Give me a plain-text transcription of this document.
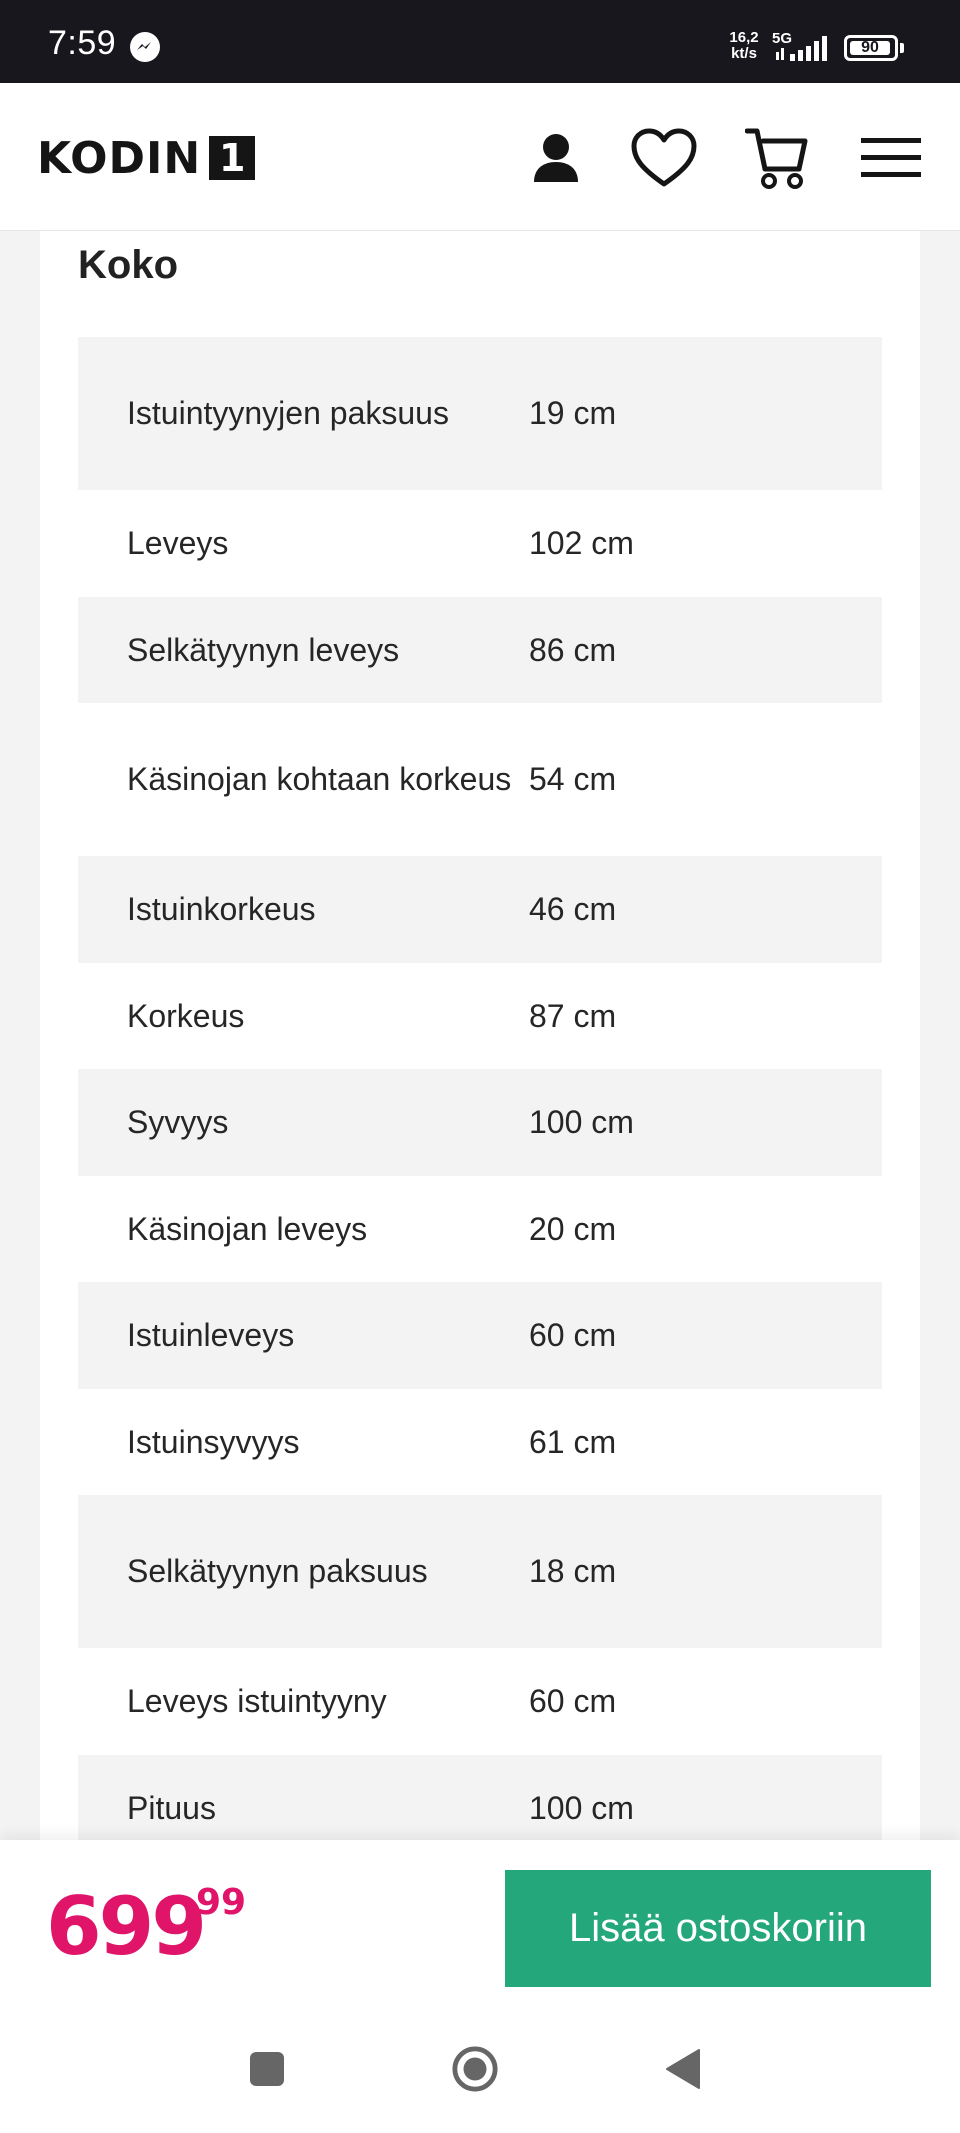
7:59	16,2
kt/s
5G
90
KODIN 1
Koko
Istuintyynyjen paksuus	19 cm
Leveys	102 cm
Selkätyynyn leveys	86 cm
Käsinojan kohtaan korkeus 54 cm
Istuinkorkeus	46 cm
Korkeus	87 cm
Syvyys	100 cm
Käsinojan leveys	20 cm
Istuinleveys	60 cm
Istuinsyvyys	61 cm
Selkätyynyn paksuus	18 cm
Leveys istuintyyny	60 cm
Pituus	100 cm
699
99
Lisää ostoskoriin
